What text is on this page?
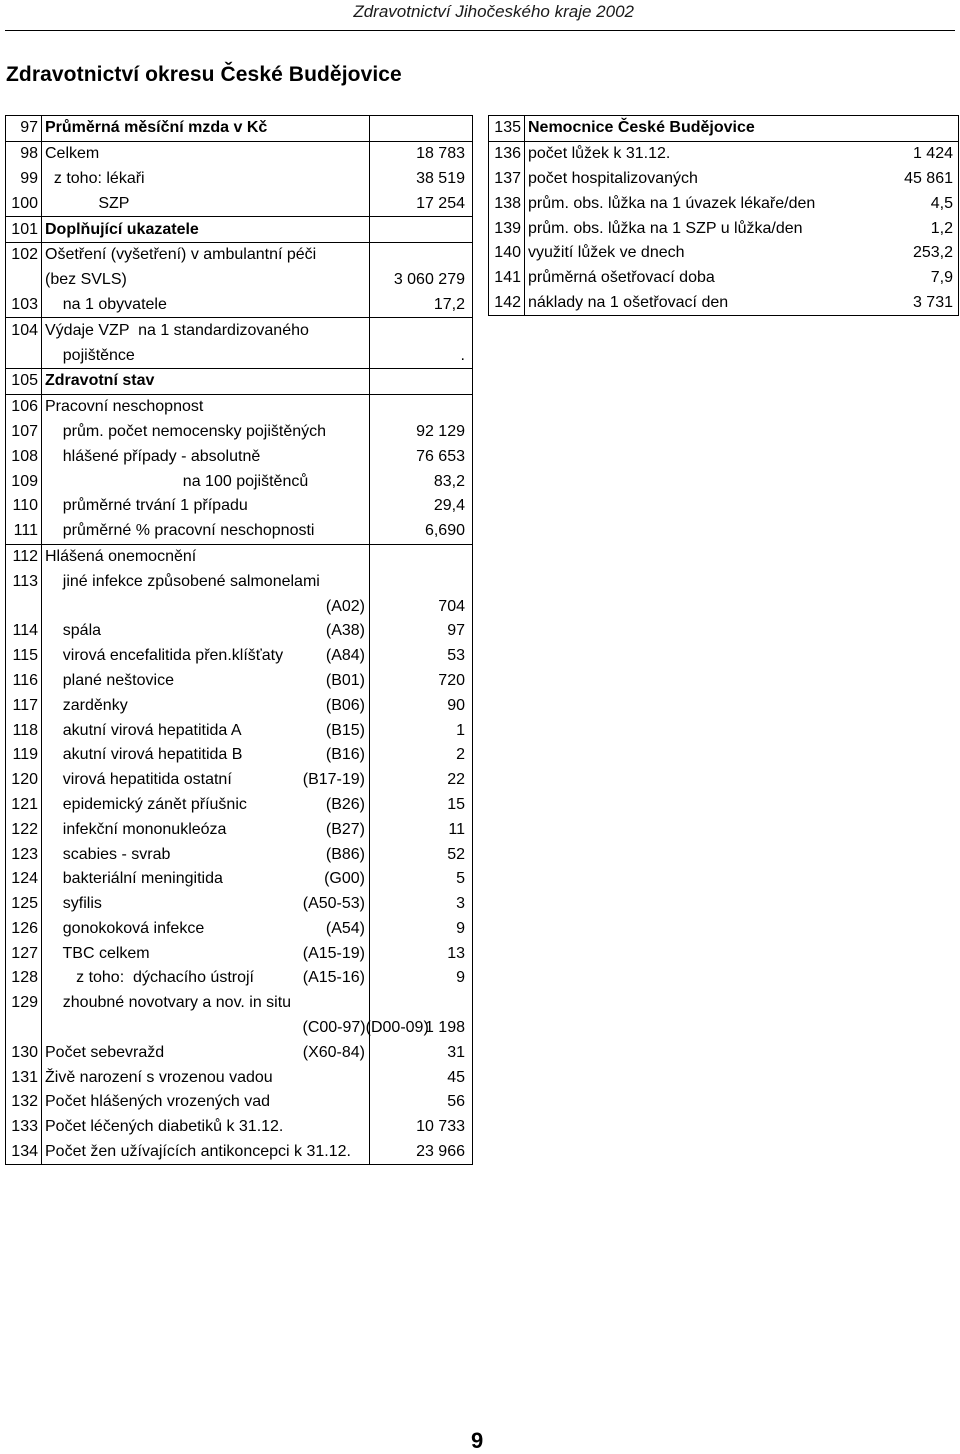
Zdravotnictví Jihočeského kraje 2002
Zdravotnictví okresu České Budějovice
97	Průměrná měsíční mzda v Kč		
98	Celkem		18 783
99	z toho: lékaři		38 519
100	SZP		17 254
101	Doplňující ukazatele		
102	Ošetření (vyšetření) v ambulantní péči		
	(bez SVLS)		3 060 279
103	na 1 obyvatele		17,2
104	Výdaje VZP  na 1 standardizovaného		
	pojištěnce		.
105	Zdravotní stav		
106	Pracovní neschopnost		
107	prům. počet nemocensky pojištěných		92 129
108	hlášené případy - absolutně		76 653
109	na 100 pojištěnců		83,2
110	průměrné trvání 1 případu		29,4
111	průměrné % pracovní neschopnosti		6,690
112	Hlášená onemocnění		
113	jiné infekce způsobené salmonelami		
		(A02)	704
114	spála	(A38)	97
115	virová encefalitida přen.klíšťaty	(A84)	53
116	plané neštovice	(B01)	720
117	zarděnky	(B06)	90
118	akutní virová hepatitida A	(B15)	1
119	akutní virová hepatitida B	(B16)	2
120	virová hepatitida ostatní	(B17-19)	22
121	epidemický zánět příušnic	(B26)	15
122	infekční mononukleóza	(B27)	11
123	scabies - svrab	(B86)	52
124	bakteriální meningitida	(G00)	5
125	syfilis	(A50-53)	3
126	gonokoková infekce	(A54)	9
127	TBC celkem	(A15-19)	13
128	z toho:  dýchacího ústrojí	(A15-16)	9
129	zhoubné novotvary a nov. in situ		
		(C00-97)(D00-09)	1 198
130	Počet sebevražd	(X60-84)	31
131	Živě narození s vrozenou vadou		45
132	Počet hlášených vrozených vad		56
133	Počet léčených diabetiků k 31.12.		10 733
134	Počet žen užívajících antikoncepci k 31.12.		23 966
135	Nemocnice České Budějovice	
136	počet lůžek k 31.12.	1 424
137	počet hospitalizovaných	45 861
138	prům. obs. lůžka na 1 úvazek lékaře/den	4,5
139	prům. obs. lůžka na 1 SZP u lůžka/den	1,2
140	využití lůžek ve dnech	253,2
141	průměrná ošetřovací doba	7,9
142	náklady na 1 ošetřovací den	3 731
9
